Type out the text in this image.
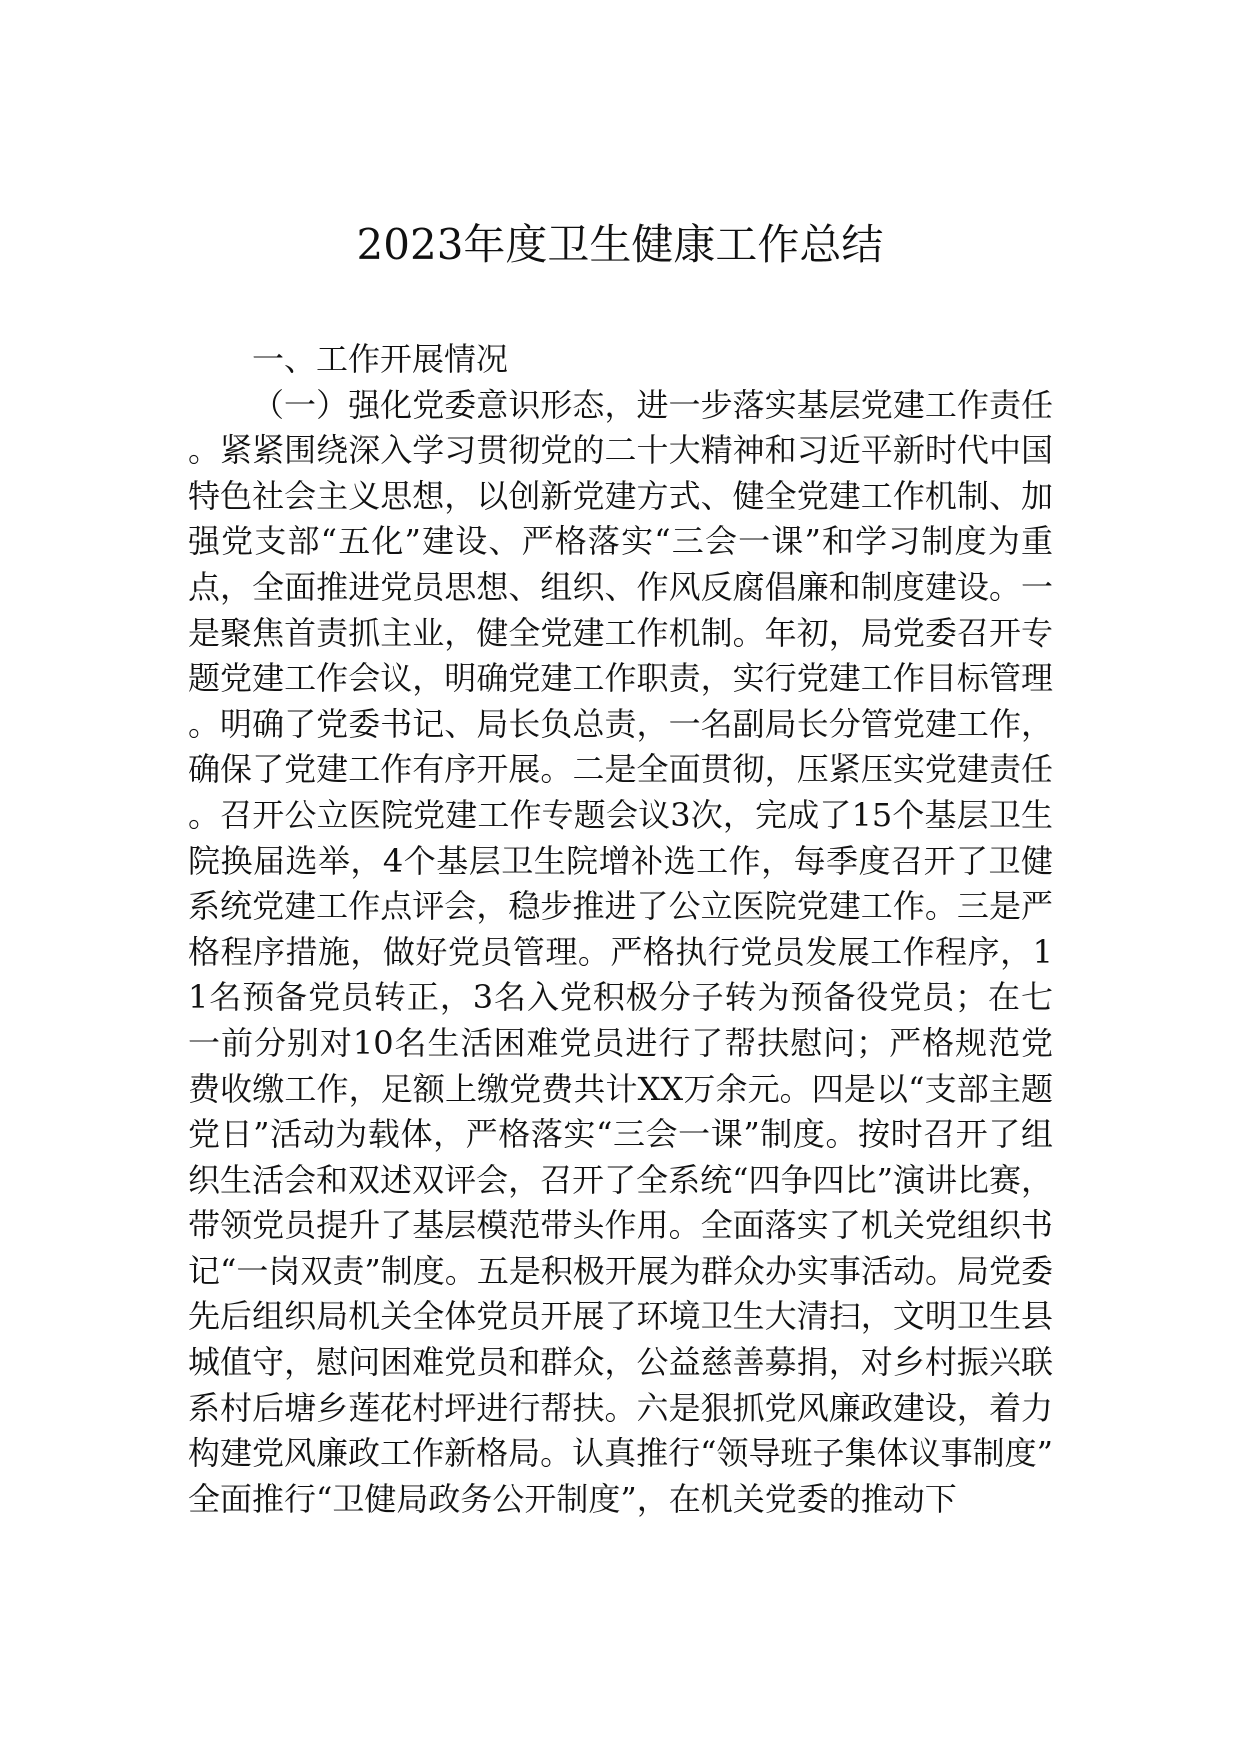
2023年度卫生健康工作总结
一、工作开展情况

（一）强化党委意识形态，进一步落实基层党建工作责任。紧紧围绕深入学习贯彻党的二十大精神和习近平新时代中国特色社会主义思想，以创新党建方式、健全党建工作机制、加强党支部“五化”建设、严格落实“三会一课”和学习制度为重点，全面推进党员思想、组织、作风反腐倡廉和制度建设。一是聚焦首责抓主业，健全党建工作机制。年初，局党委召开专题党建工作会议，明确党建工作职责，实行党建工作目标管理。明确了党委书记、局长负总责，一名副局长分管党建工作，确保了党建工作有序开展。二是全面贯彻，压紧压实党建责任。召开公立医院党建工作专题会议3次，完成了15个基层卫生院换届选举，4个基层卫生院增补选工作，每季度召开了卫健系统党建工作点评会，稳步推进了公立医院党建工作。三是严格程序措施，做好党员管理。严格执行党员发展工作程序，11名预备党员转正，3名入党积极分子转为预备役党员；在七一前分别对10名生活困难党员进行了帮扶慰问；严格规范党费收缴工作，足额上缴党费共计XX万余元。四是以“支部主题党日”活动为载体，严格落实“三会一课”制度。按时召开了组织生活会和双述双评会，召开了全系统“四争四比”演讲比赛，带领党员提升了基层模范带头作用。全面落实了机关党组织书记“一岗双责”制度。五是积极开展为群众办实事活动。局党委先后组织局机关全体党员开展了环境卫生大清扫，文明卫生县城值守，慰问困难党员和群众，公益慈善募捐，对乡村振兴联系村后塘乡莲花村坪进行帮扶。六是狠抓党风廉政建设，着力构建党风廉政工作新格局。认真推行“领导班子集体议事制度”全面推行“卫健局政务公开制度”，在机关党委的推动下
